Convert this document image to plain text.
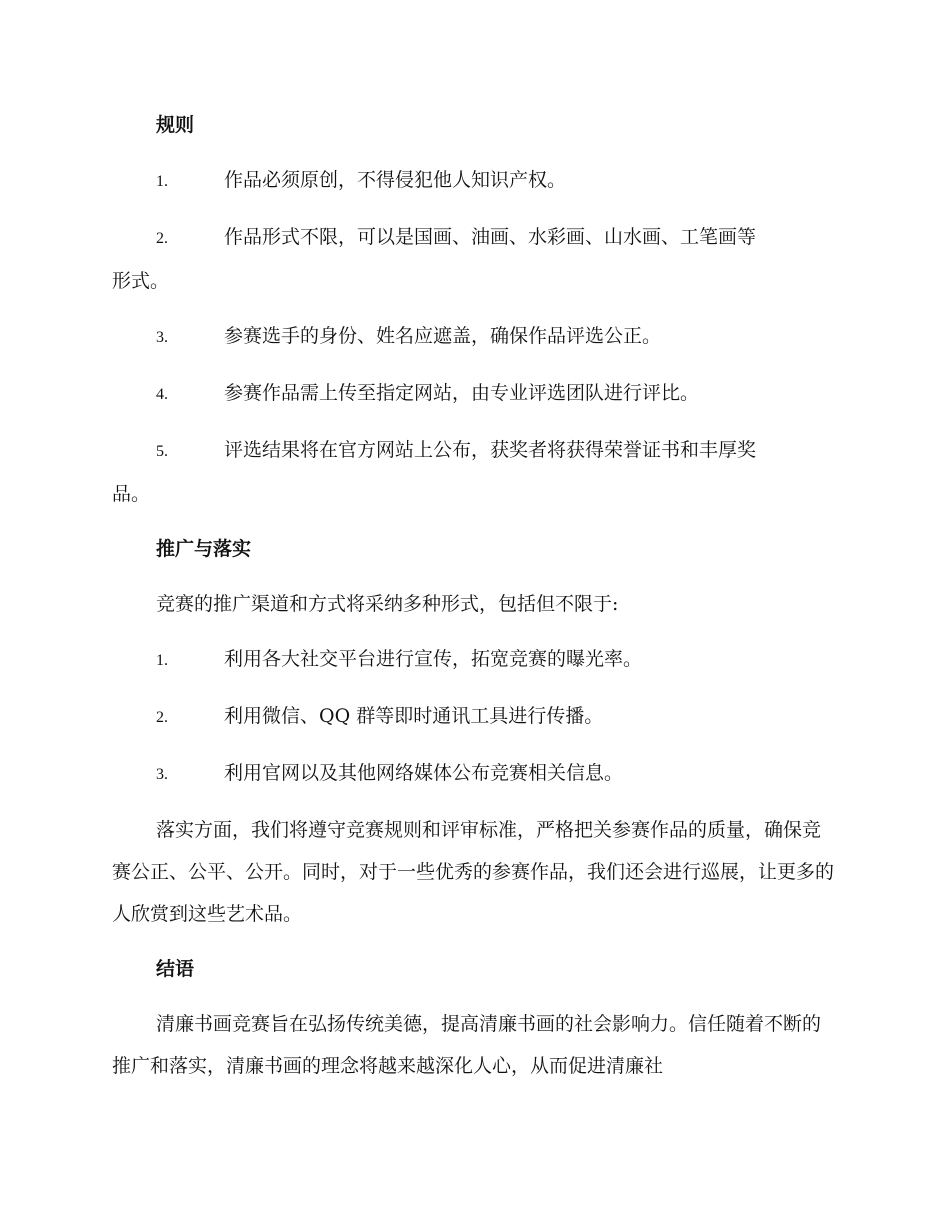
规则
1.	作品必须原创，不得侵犯他人知识产权。
2.	作品形式不限，可以是国画、油画、水彩画、山水画、工笔画等
形式。
3.	参赛选手的身份、姓名应遮盖，确保作品评选公正。
4.	参赛作品需上传至指定网站，由专业评选团队进行评比。
5.	评选结果将在官方网站上公布，获奖者将获得荣誉证书和丰厚奖
品。
推广与落实

竞赛的推广渠道和方式将采纳多种形式，包括但不限于:

1.	利用各大社交平台进行宣传，拓宽竞赛的曝光率。
2.	利用微信、QQ 群等即时通讯工具进行传播。
3.	利用官网以及其他网络媒体公布竞赛相关信息。

落实方面，我们将遵守竞赛规则和评审标准，严格把关参赛作品的质量，确保竞赛公正、公平、公开。同时，对于一些优秀的参赛作品，我们还会进行巡展，让更多的人欣赏到这些艺术品。

结语

清廉书画竞赛旨在弘扬传统美德，提高清廉书画的社会影响力。信任随着不断的推广和落实，清廉书画的理念将越来越深化人心，从而促进清廉社
